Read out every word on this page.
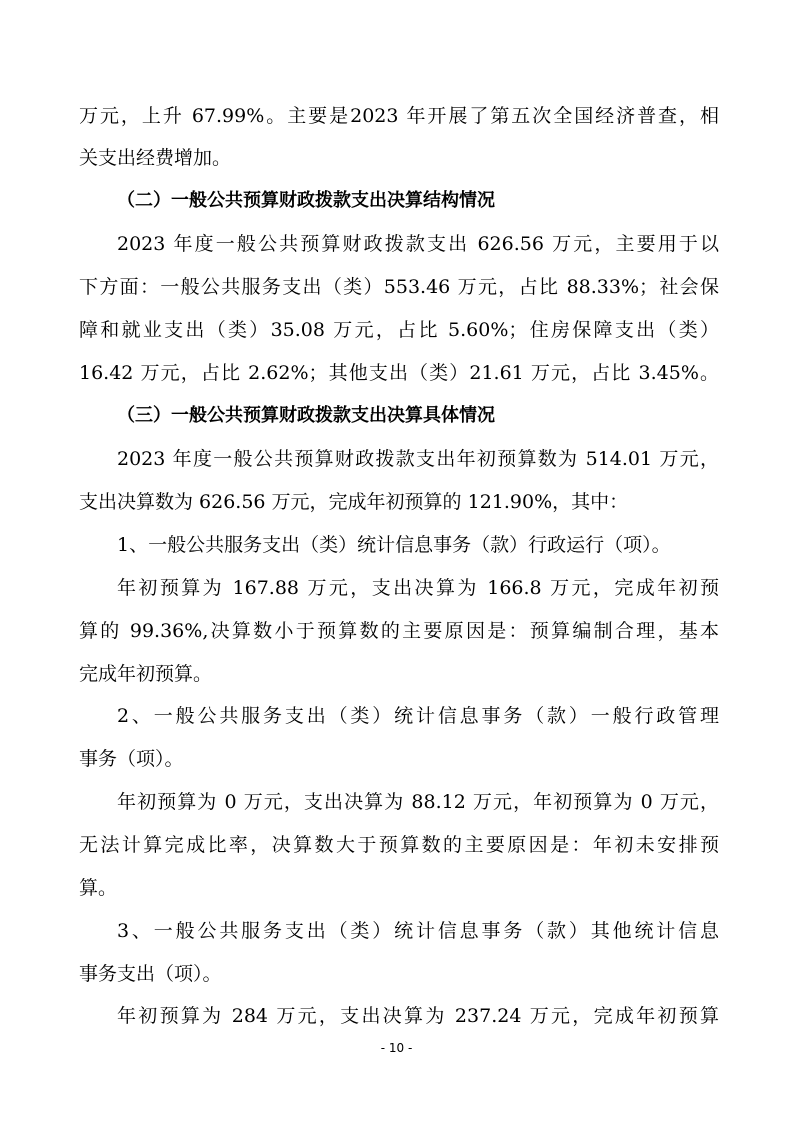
万元，上升 67.99%。主要是2023 年开展了第五次全国经济普查，相
关支出经费增加。
（二）一般公共预算财政拨款支出决算结构情况
2023 年度一般公共预算财政拨款支出 626.56 万元，主要用于以
下方面：一般公共服务支出（类）553.46 万元，占比 88.33%；社会保
障和就业支出（类）35.08 万元，占比 5.60%；住房保障支出（类）
16.42 万元，占比 2.62%；其他支出（类）21.61 万元，占比 3.45%。
（三）一般公共预算财政拨款支出决算具体情况
2023 年度一般公共预算财政拨款支出年初预算数为 514.01 万元，
支出决算数为 626.56 万元，完成年初预算的 121.90%，其中：
1、一般公共服务支出（类）统计信息事务（款）行政运行（项）。
年初预算为 167.88 万元，支出决算为 166.8 万元，完成年初预
算的 99.36%,决算数小于预算数的主要原因是：预算编制合理，基本
完成年初预算。
2、一般公共服务支出（类）统计信息事务（款）一般行政管理
事务（项）。
年初预算为 0 万元，支出决算为 88.12 万元，年初预算为 0 万元，
无法计算完成比率，决算数大于预算数的主要原因是：年初未安排预
算。
3、一般公共服务支出（类）统计信息事务（款）其他统计信息
事务支出（项）。
年初预算为 284 万元，支出决算为 237.24 万元，完成年初预算
- 10 -
